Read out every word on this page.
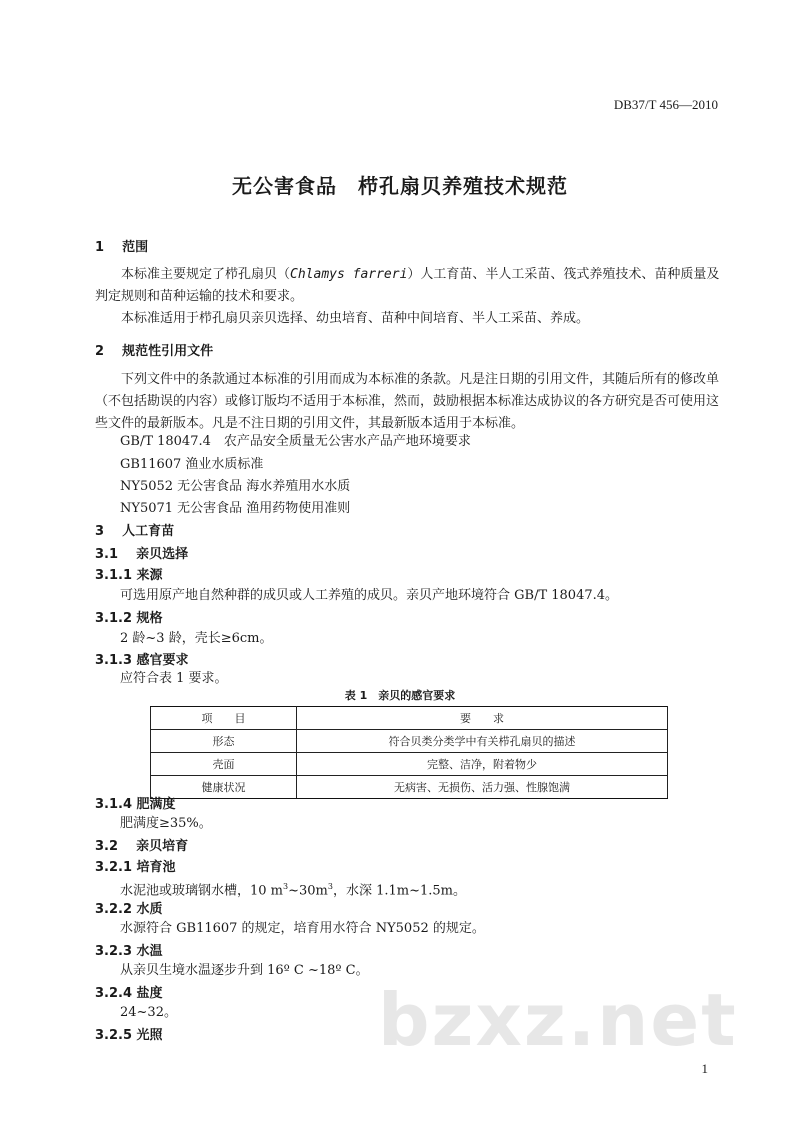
DB37/T 456—2010
无公害食品　栉孔扇贝养殖技术规范
1 范围
本标准主要规定了栉孔扇贝（Chlamys farreri）人工育苗、半人工采苗、筏式养殖技术、苗种质量及判定规则和苗种运输的技术和要求。
本标准适用于栉孔扇贝亲贝选择、幼虫培育、苗种中间培育、半人工采苗、养成。
2 规范性引用文件
下列文件中的条款通过本标准的引用而成为本标准的条款。凡是注日期的引用文件，其随后所有的修改单（不包括勘误的内容）或修订版均不适用于本标准，然而，鼓励根据本标准达成协议的各方研究是否可使用这些文件的最新版本。凡是不注日期的引用文件，其最新版本适用于本标准。
GB/T 18047.4　农产品安全质量无公害水产品产地环境要求
GB11607 渔业水质标准
NY5052 无公害食品 海水养殖用水水质
NY5071 无公害食品 渔用药物使用准则
3 人工育苗
3.1 亲贝选择
3.1.1 来源
可选用原产地自然种群的成贝或人工养殖的成贝。亲贝产地环境符合 GB/T 18047.4。
3.1.2 规格
2 龄~3 龄，壳长≥6cm。
3.1.3 感官要求
应符合表 1 要求。
表 1　亲贝的感官要求
项　　目	要　　求
形态	符合贝类分类学中有关栉孔扇贝的描述
壳面	完整、洁净，附着物少
健康状况	无病害、无损伤、活力强、性腺饱满
3.1.4 肥满度
肥满度≥35%。
3.2 亲贝培育
3.2.1 培育池
水泥池或玻璃钢水槽，10 $m^3\sim 30m^3$，水深 1.1m~1.5m。
3.2.2 水质
水源符合 GB11607 的规定，培育用水符合 NY5052 的规定。
3.2.3 水温
从亲贝生境水温逐步升到 16º C ~18º C。
3.2.4 盐度
24~32。
3.2.5 光照	bzxz.net
1
